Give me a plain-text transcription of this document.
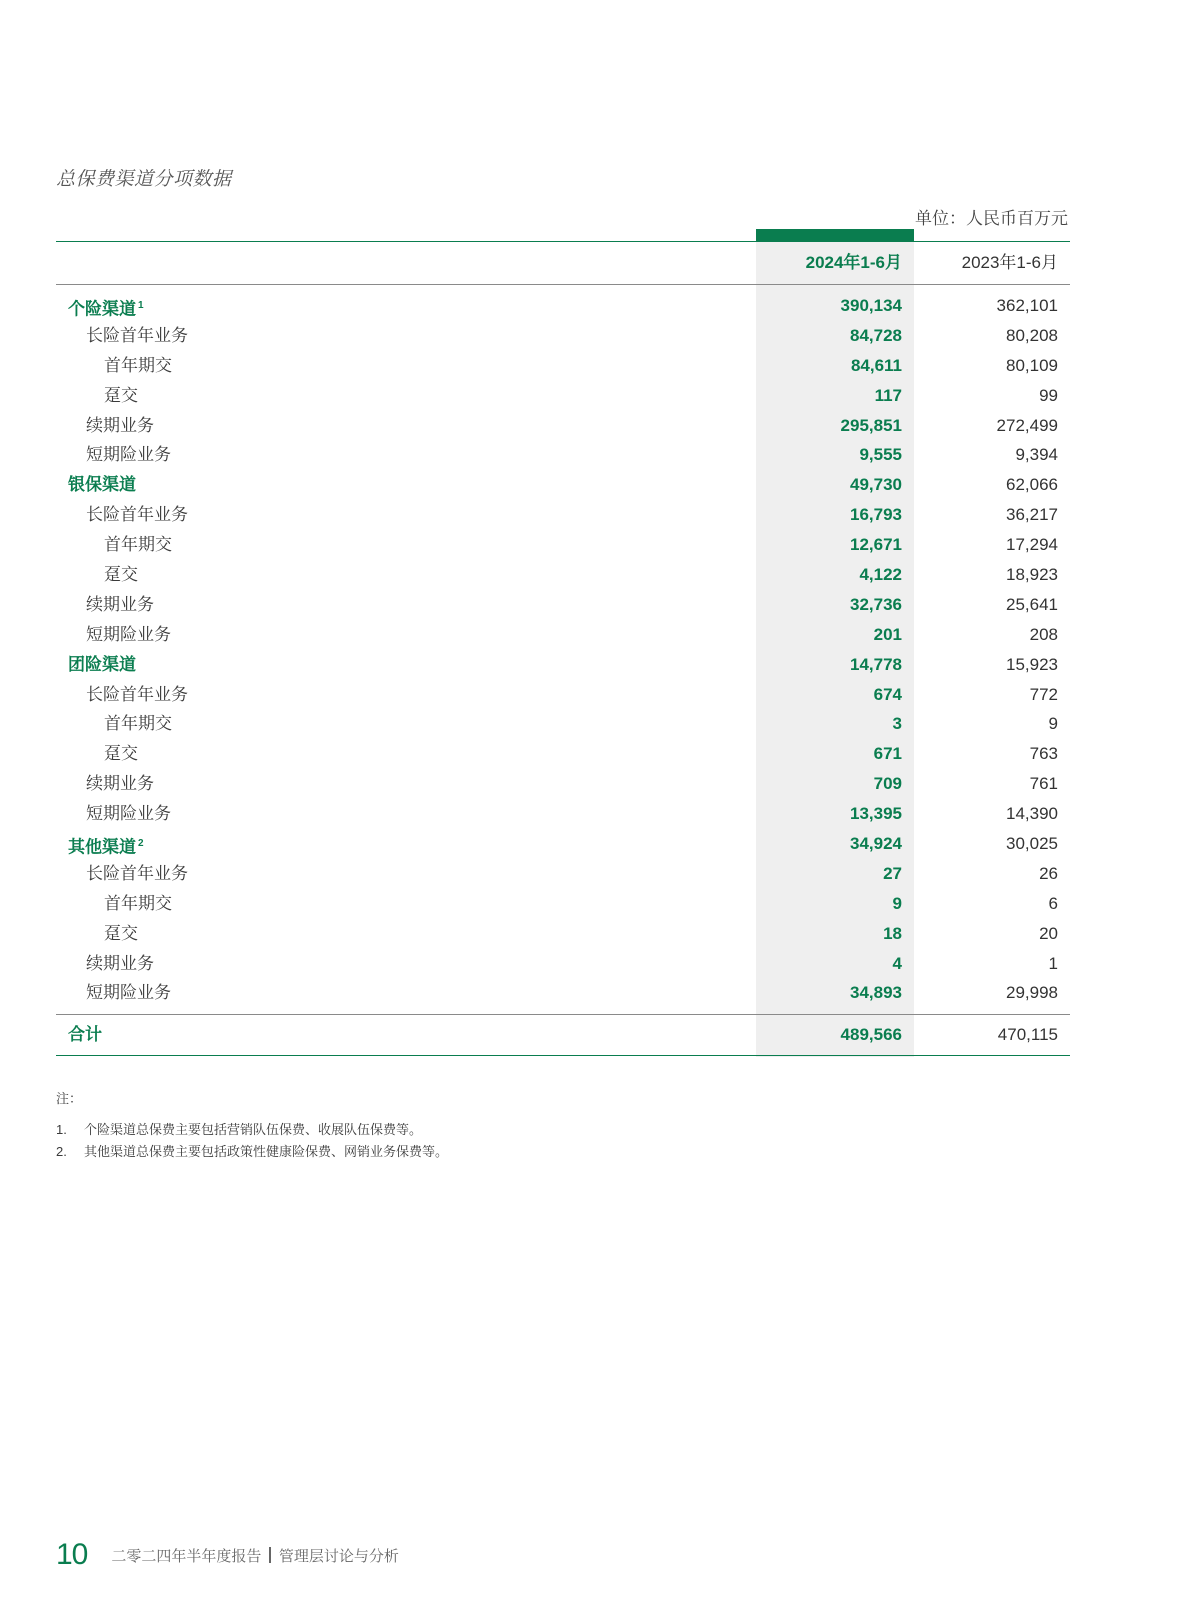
总保费渠道分项数据
单位：人民币百万元
2024年1-6月	2023年1-6月
个险渠道 $^1$	390,134	362,101
长险首年业务	84,728	80,208
首年期交	84,611	80,109
趸交	117	99
续期业务	295,851	272,499
短期险业务	9,555	9,394
银保渠道	49,730	62,066
长险首年业务	16,793	36,217
首年期交	12,671	17,294
趸交	4,122	18,923
续期业务	32,736	25,641
短期险业务	201	208
团险渠道	14,778	15,923
长险首年业务	674	772
首年期交	3	9
趸交	671	763
续期业务	709	761
短期险业务	13,395	14,390
其他渠道 $^2$	34,924	30,025
长险首年业务	27	26
首年期交	9	6
趸交	18	20
续期业务	4	1
短期险业务	34,893	29,998
合计	489,566	470,115
注：
1. 个险渠道总保费主要包括营销队伍保费、收展队伍保费等。
2. 其他渠道总保费主要包括政策性健康险保费、网销业务保费等。
10 二零二四年半年度报告 管理层讨论与分析
